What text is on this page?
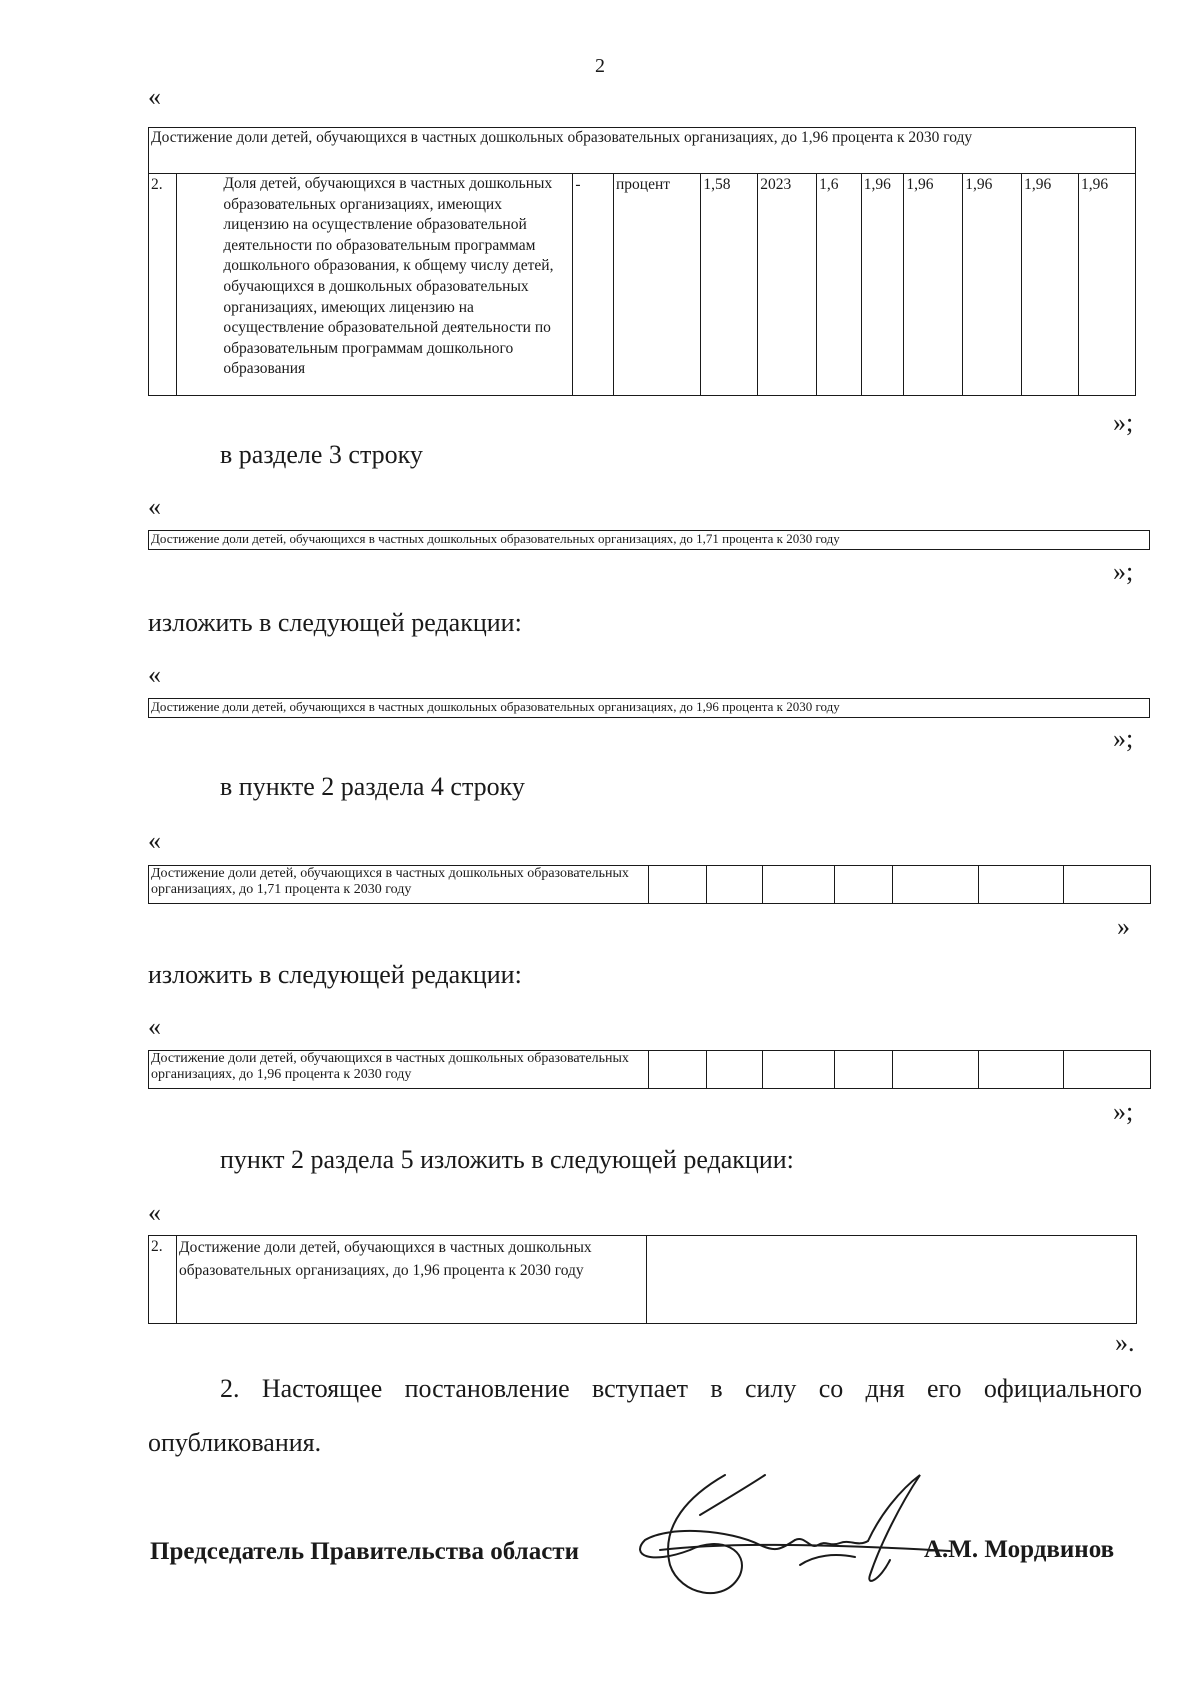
2
«
Достижение доли детей, обучающихся в частных дошкольных образовательных организациях, до 1,96 процента к 2030 году
2.	Доля детей, обучающихся в частных дошкольных образовательных организациях, имеющих лицензию на осуществление образовательной деятельности по образовательным программам дошкольного образования, к общему числу детей, обучающихся в дошкольных образовательных организациях, имеющих лицензию на осуществление образовательной деятельности по образовательным программам дошкольного образования	-	процент	1,58	2023	1,6	1,96	1,96	1,96	1,96	1,96
»;
в разделе 3 строку
«
Достижение доли детей, обучающихся в частных дошкольных образовательных организациях, до 1,71 процента к 2030 году
»;
изложить в следующей редакции:
«
Достижение доли детей, обучающихся в частных дошкольных образовательных организациях, до 1,96 процента к 2030 году
»;
в пункте 2 раздела 4 строку
«
Достижение доли детей, обучающихся в частных дошкольных образовательных организациях, до 1,71 процента к 2030 году							
»
изложить в следующей редакции:
«
Достижение доли детей, обучающихся в частных дошкольных образовательных организациях, до 1,96 процента к 2030 году							
»;
пункт 2 раздела 5 изложить в следующей редакции:
«
2.	Достижение доли детей, обучающихся в частных дошкольных образовательных организациях, до 1,96 процента к 2030 году	
».
2. Настоящее постановление вступает в силу со дня его официального
опубликования.
Председатель Правительства области	А.М. Мордвинов
